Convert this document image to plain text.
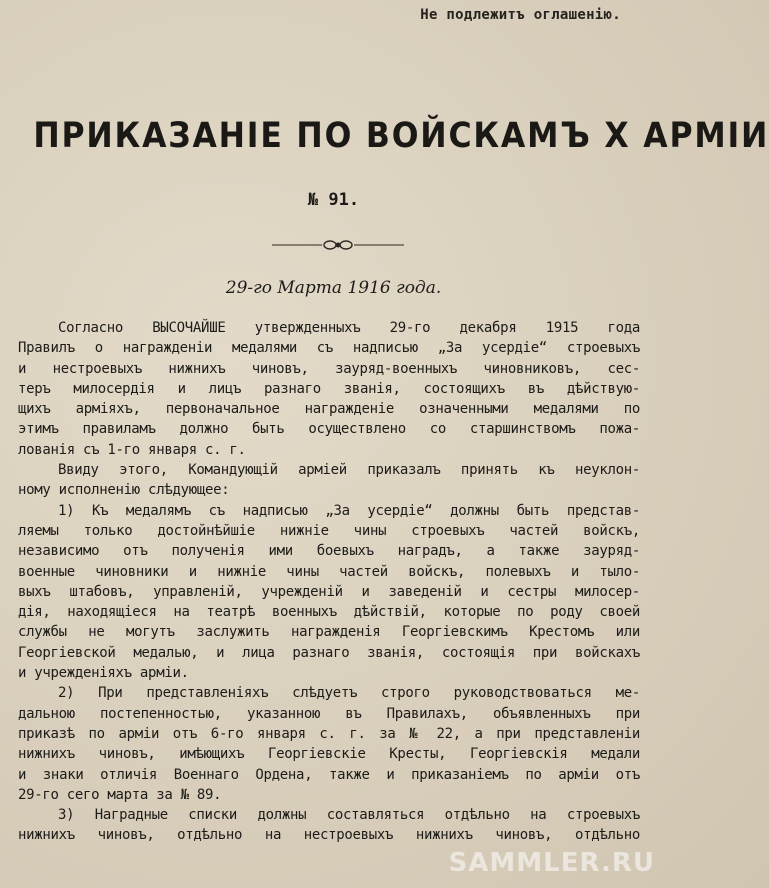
Не подлежитъ оглашенію.
ПРИКАЗАНІЕ ПО ВОЙСКАМЪ Х АРМІИ
№ 91.
29-го Марта 1916 года.
Согласно ВЫСОЧАЙШЕ утвержденныхъ 29-го декабря 1915 года
Правилъ о награжденіи медалями съ надписью „За усердіе“ строевыхъ
и нестроевыхъ нижнихъ чиновъ, зауряд-военныхъ чиновниковъ, сес-
теръ милосердія и лицъ разнаго званія, состоящихъ въ дѣйствую-
щихъ арміяхъ, первоначальное награжденіе означенными медалями по
этимъ правиламъ должно быть осуществлено со старшинствомъ пожа-
лованія съ 1-го января с. г.
Ввиду этого, Командующій арміей приказалъ принять къ неуклон-
ному исполненію слѣдующее:
1) Къ медалямъ съ надписью „За усердіе“ должны быть представ-
ляемы только достойнѣйшіе нижніе чины строевыхъ частей войскъ,
независимо отъ полученія ими боевыхъ наградъ, а также зауряд-
военные чиновники и нижніе чины частей войскъ, полевыхъ и тыло-
выхъ штабовъ, управленій, учрежденій и заведеній и сестры милосер-
дія, находящіеся на театрѣ военныхъ дѣйствій, которые по роду своей
службы не могутъ заслужить награжденія Георгіевскимъ Крестомъ или
Георгіевской медалью, и лица разнаго званія, состоящія при войскахъ
и учрежденіяхъ арміи.
2) При представленіяхъ слѣдуетъ строго руководствоваться ме-
дальною постепенностью, указанною въ Правилахъ, объявленныхъ при
приказѣ по арміи отъ 6-го января с. г. за № 22, а при представленіи
нижнихъ чиновъ, имѣющихъ Георгіевскіе Кресты, Георгіевскія медали
и знаки отличія Военнаго Ордена, также и приказаніемъ по арміи отъ
29-го сего марта за № 89.
3) Наградные списки должны составляться отдѣльно на строевыхъ
нижнихъ чиновъ, отдѣльно на нестроевыхъ нижнихъ чиновъ, отдѣльно
SAMMLER.RU
